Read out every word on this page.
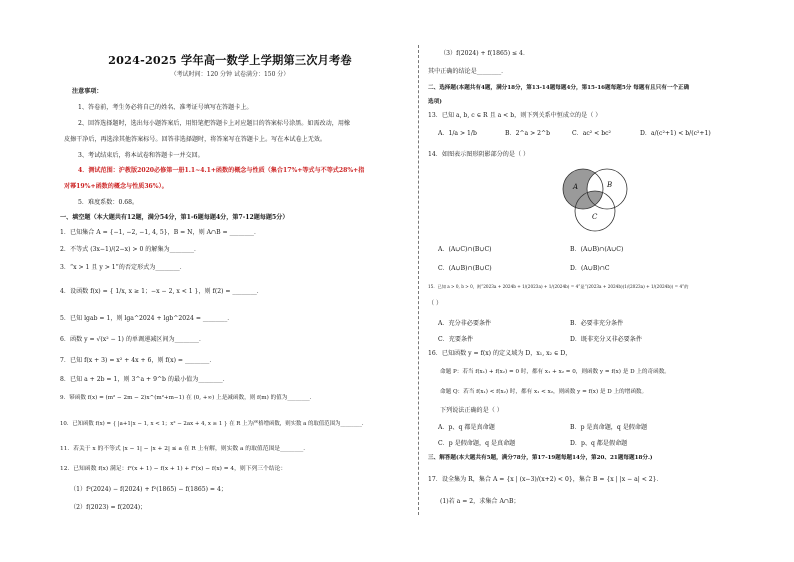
2024-2025 学年高一数学上学期第三次月考卷
（考试时间：120 分钟 试卷满分：150 分）
注意事项：
1、答卷前，考生务必将自己的姓名、准考证号填写在答题卡上。
2、回答选择题时，选出每小题答案后，用铅笔把答题卡上对应题目的答案标号涂黑。如需改动，用橡
皮擦干净后，再选涂其他答案标号。回答非选择题时，将答案写在答题卡上。写在本试卷上无效。
3、考试结束后，将本试卷和答题卡一并交回。
4．测试范围：沪教版2020必修第一册1.1~4.1+函数的概念与性质（集合17%+等式与不等式28%+指
对幂19%+函数的概念与性质36%）。
5．难度系数：0.68。
一、填空题（本大题共有12题，满分54分，第1-6题每题4分，第7-12题每题5分）
1．已知集合 A = {−1, −2, −1, 4, 5}，B = N，则 A∩B = ________．
2．不等式 (3x−1)/(2−x) > 0 的解集为________．
3．“x > 1 且 y > 1”的否定形式为________．
4．设函数 f(x) = { 1/x, x ≥ 1；−x − 2, x < 1 }，则 f(2) = ________．
5．已知 lgab = 1，则 lga^2024 + lgb^2024 = ________．
6．函数 y = √(x² − 1) 的单调递减区间为________．
7．已知 f(x + 3) = x² + 4x + 6，则 f(x) = ________．
8．已知 a + 2b = 1，则 3^a + 9^b 的最小值为________．
9．幂函数 f(x) = (m² − 2m − 2)x^(m²+m−1) 在 (0, +∞) 上是减函数，则 f(m) 的值为________．
10．已知函数 f(x) = { |a+1|x − 1, x < 1；x² − 2ax + 4, x ≥ 1 } 在 R 上为严格增函数，则实数 a 的取值范围为________．
11．若关于 x 的不等式 |x − 1| − |x + 2| ≤ a 在 R 上有解，则实数 a 的取值范围是________．
12．已知函数 f(x) 满足：f²(x + 1) − f(x + 1) + f²(x) − f(x) = 4，则下列三个结论：
（1）f²(2024) − f(2024) + f²(1865) − f(1865) = 4；
（2）f(2023) = f(2024)；
（3）f(2024) + f(1865) ≤ 4．
其中正确的结论是________．
二、选择题(本题共有4题，满分18分，第13-14题每题4分，第15-16题每题5分 每题有且只有一个正确
选项)
13．已知 a, b, c ∈ R 且 a < b，则下列关系中恒成立的是（ ）
A．1/a > 1/b	B．2^a > 2^b	C．ac² < bc²	D．a/(c²+1) < b/(c²+1)
14．如图表示图形阴影部分的是（ ）
A	B
C
A．(A∪C)∩(B∪C)	B．(A∪B)∩(A∪C)
C．(A∪B)∩(B∪C)	D．(A∪B)∩C
15．已知 a > 0, b > 0，则“2023a + 2024b + 1/(2023a) + 1/(2024b) = 4”是“(2023a + 2024b)(1/(2023a) + 1/(2024b)) = 4”的
（ ）
A．充分非必要条件	B．必要非充分条件
C．充要条件	D．既非充分又非必要条件
16．已知函数 y = f(x) 的定义域为 D，x₁, x₂ ∈ D，
命题 P：若当 f(x₁) + f(x₂) = 0 时，都有 x₁ + x₂ = 0，则函数 y = f(x) 是 D 上的奇函数。
命题 Q：若当 f(x₁) < f(x₂) 时，都有 x₁ < x₂，则函数 y = f(x) 是 D 上的增函数。
下列说法正确的是（ ）
A．p、q 都是真命题	B．p 是真命题，q 是假命题
C．p 是假命题，q 是真命题	D．p、q 都是假命题
三、解答题(本大题共有5题，满分78分，第17-19题每题14分，第20、21题每题18分.)
17．设全集为 R，集合 A = {x | (x−3)/(x+2) < 0}，集合 B = {x | |x − a| < 2}．
(1)若 a = 2，求集合 A∩B；
